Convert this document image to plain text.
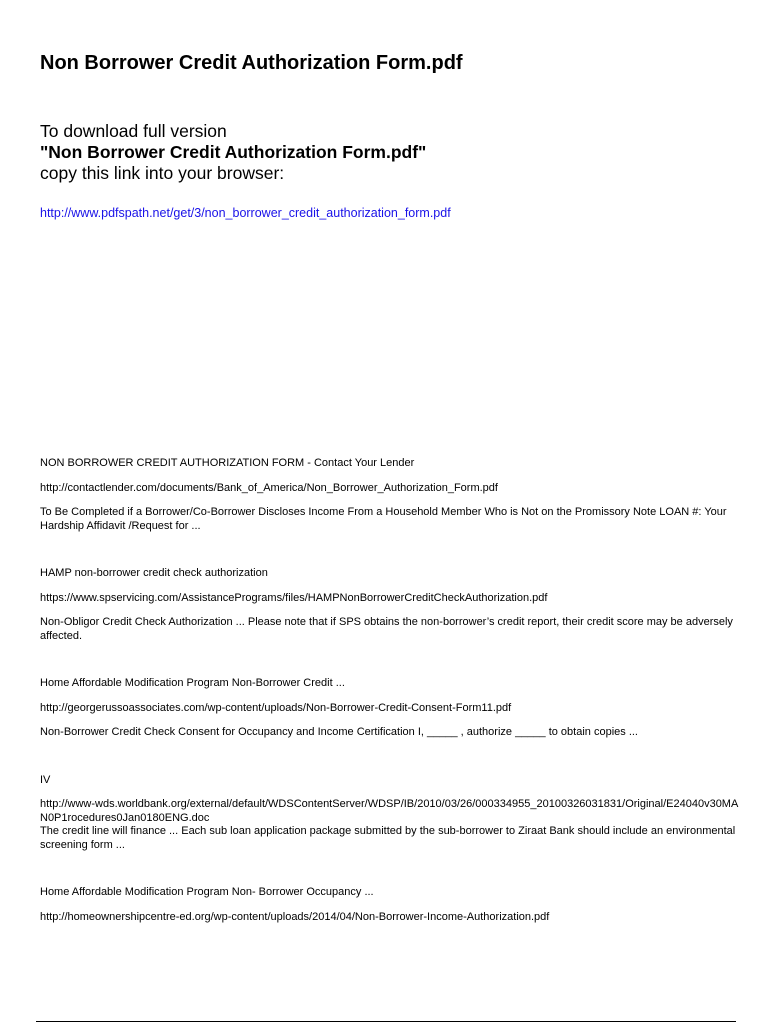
Non Borrower Credit Authorization Form.pdf
To download full version
"Non Borrower Credit Authorization Form.pdf"
copy this link into your browser:
http://www.pdfspath.net/get/3/non_borrower_credit_authorization_form.pdf

NON BORROWER CREDIT AUTHORIZATION FORM - Contact Your Lender

http://contactlender.com/documents/Bank_of_America/Non_Borrower_Authorization_Form.pdf

To Be Completed if a Borrower/Co-Borrower Discloses Income From a Household Member Who is Not on the Promissory Note LOAN #: Your Hardship Affidavit /Request for ...

HAMP non-borrower credit check authorization

https://www.spservicing.com/AssistancePrograms/files/HAMPNonBorrowerCreditCheckAuthorization.pdf

Non-Obligor Credit Check Authorization ... Please note that if SPS obtains the non-borrower’s credit report, their credit score may be adversely affected.

Home Affordable Modification Program Non-Borrower Credit ...

http://georgerussoassociates.com/wp-content/uploads/Non-Borrower-Credit-Consent-Form11.pdf

Non-Borrower Credit Check Consent for Occupancy and Income Certification I, _____ , authorize _____ to obtain copies ...

IV

http://www-wds.worldbank.org/external/default/WDSContentServer/WDSP/IB/2010/03/26/000334955_20100326031831/Original/E24040v30MAN0P1rocedures0Jan0180ENG.doc

The credit line will finance ... Each sub loan application package submitted by the sub-borrower to Ziraat Bank should include an environmental screening form ...

Home Affordable Modification Program Non- Borrower Occupancy ...

http://homeownershipcentre-ed.org/wp-content/uploads/2014/04/Non-Borrower-Income-Authorization.pdf
